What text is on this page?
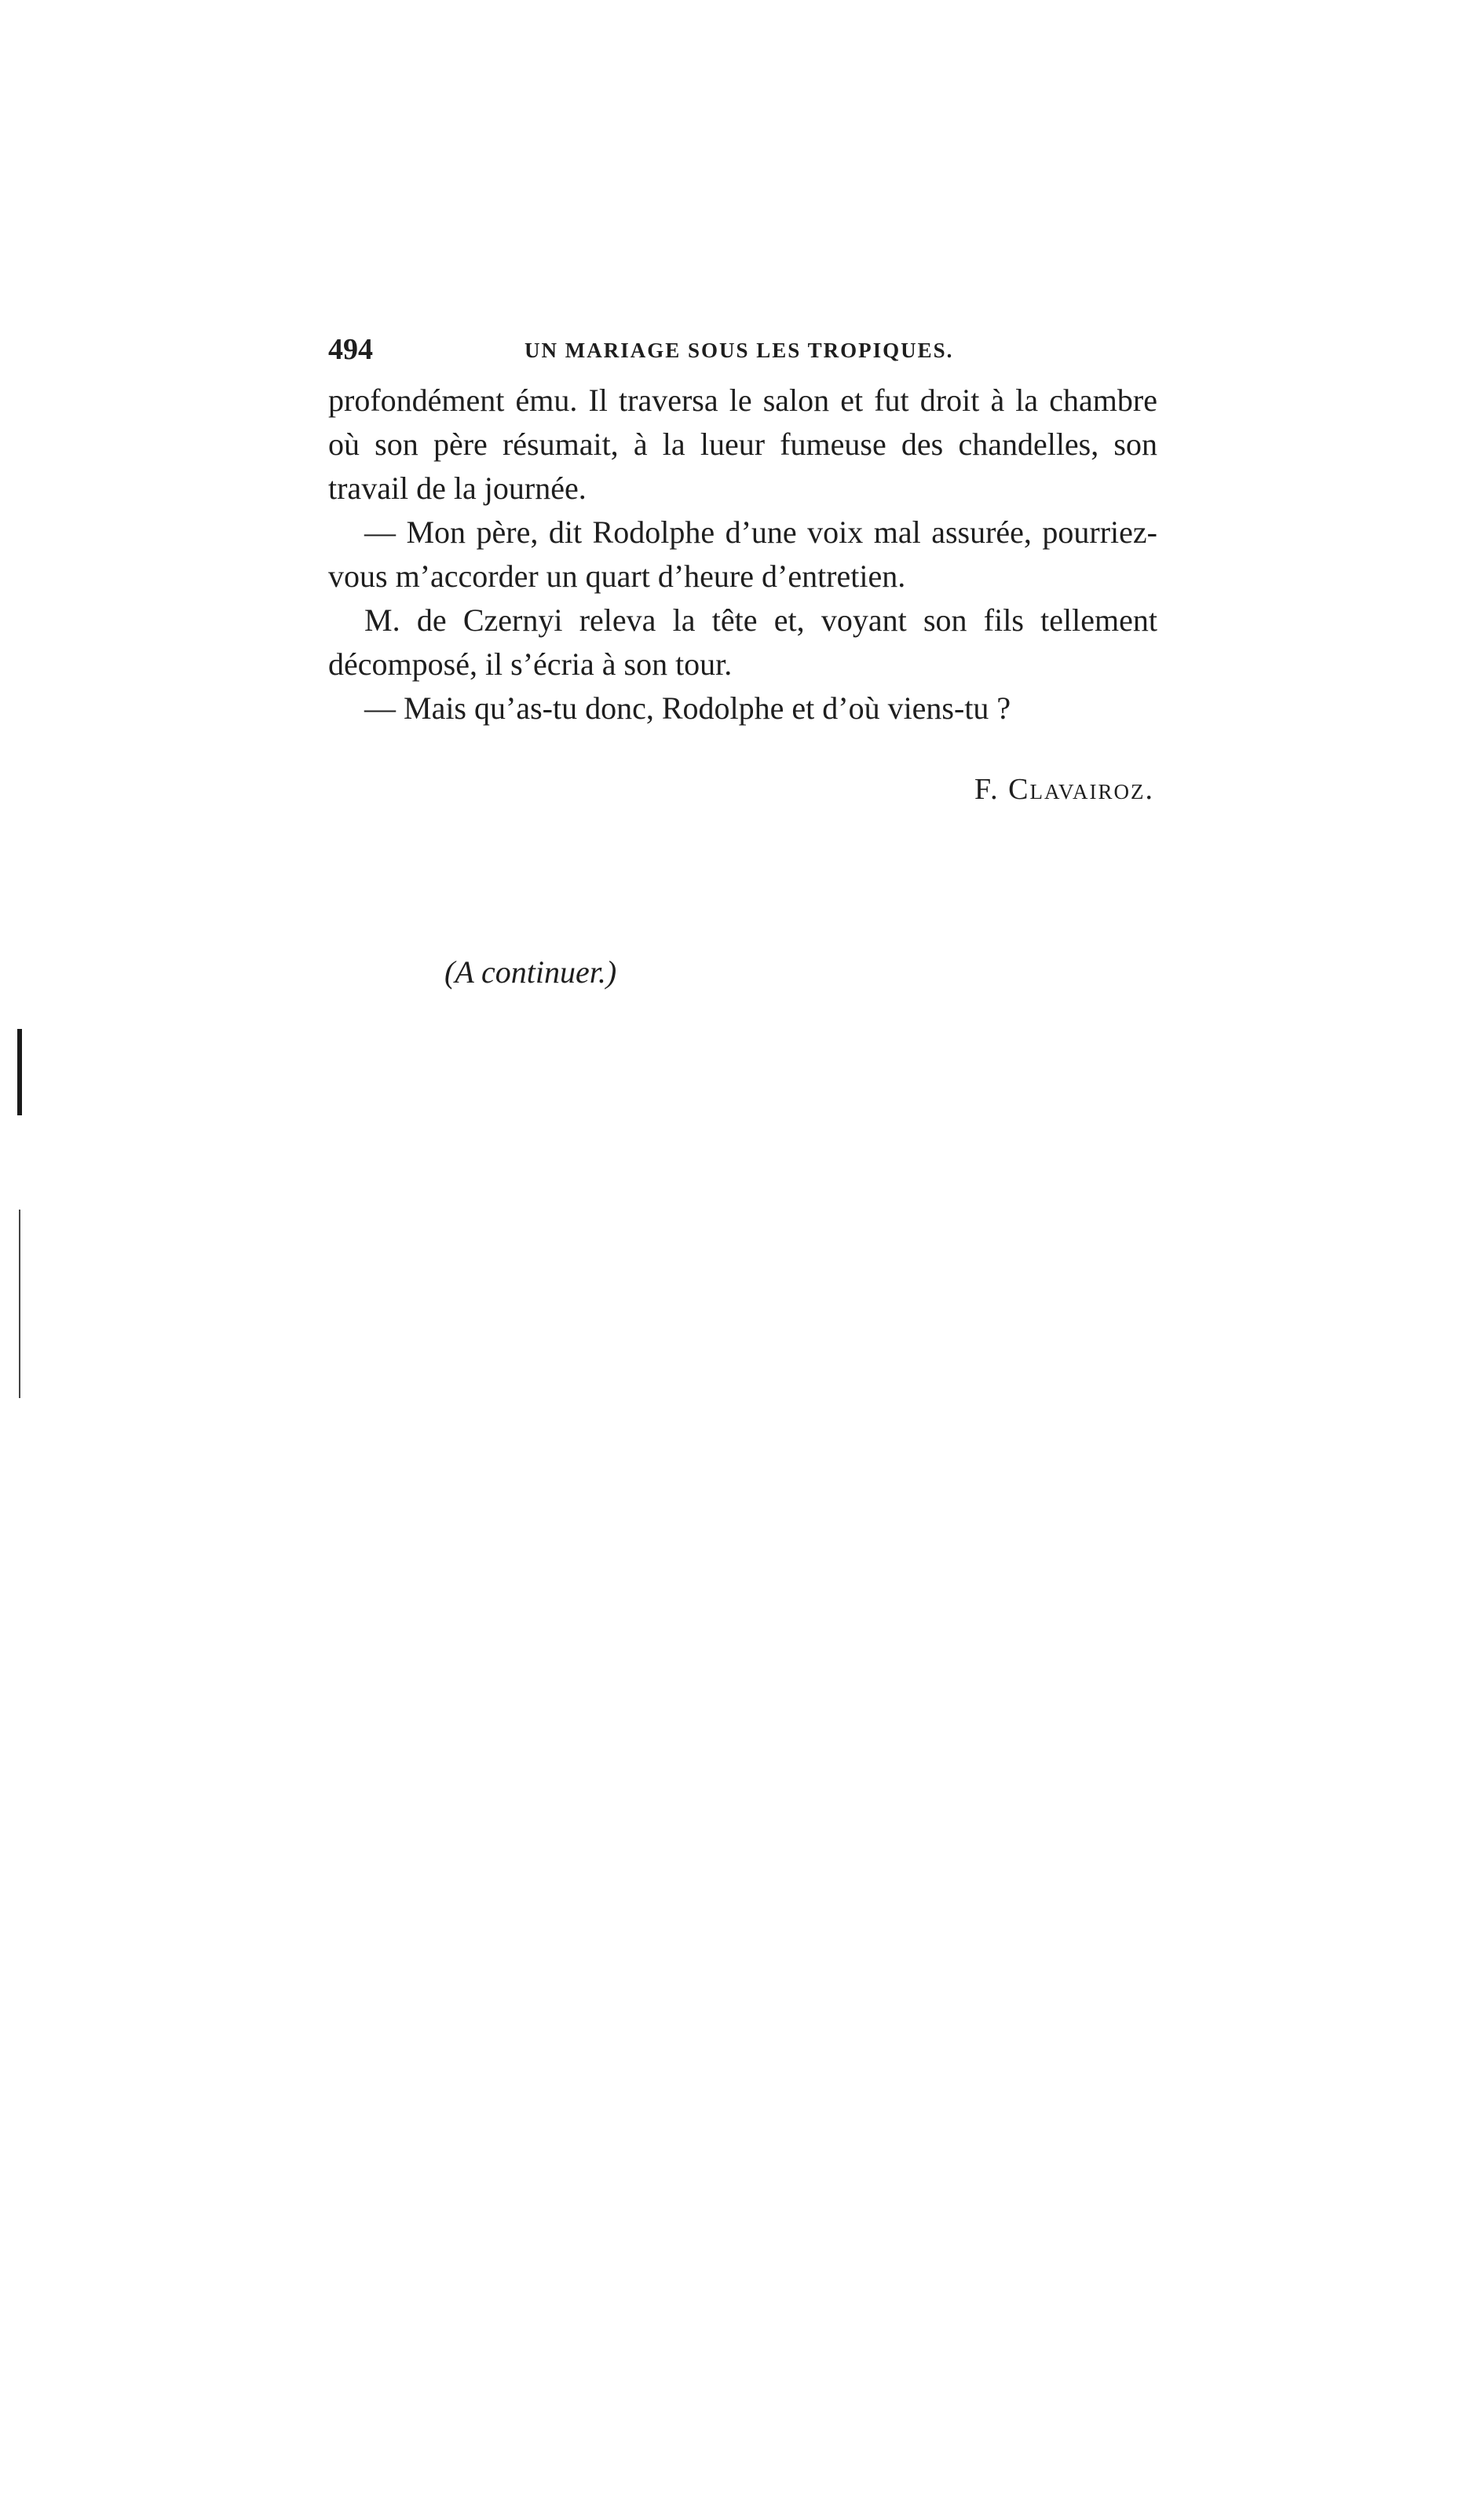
494	UN MARIAGE SOUS LES TROPIQUES.

profondément ému. Il traversa le salon et fut droit à la chambre où son père résumait, à la lueur fumeuse des chandelles, son travail de la journée.

— Mon père, dit Rodolphe d’une voix mal assurée, pourriez-vous m’accorder un quart d’heure d’entretien.

M. de Czernyi releva la tête et, voyant son fils tellement décomposé, il s’écria à son tour.

— Mais qu’as-tu donc, Rodolphe et d’où viens-tu ?

F. Clavairoz.
(A continuer.)
